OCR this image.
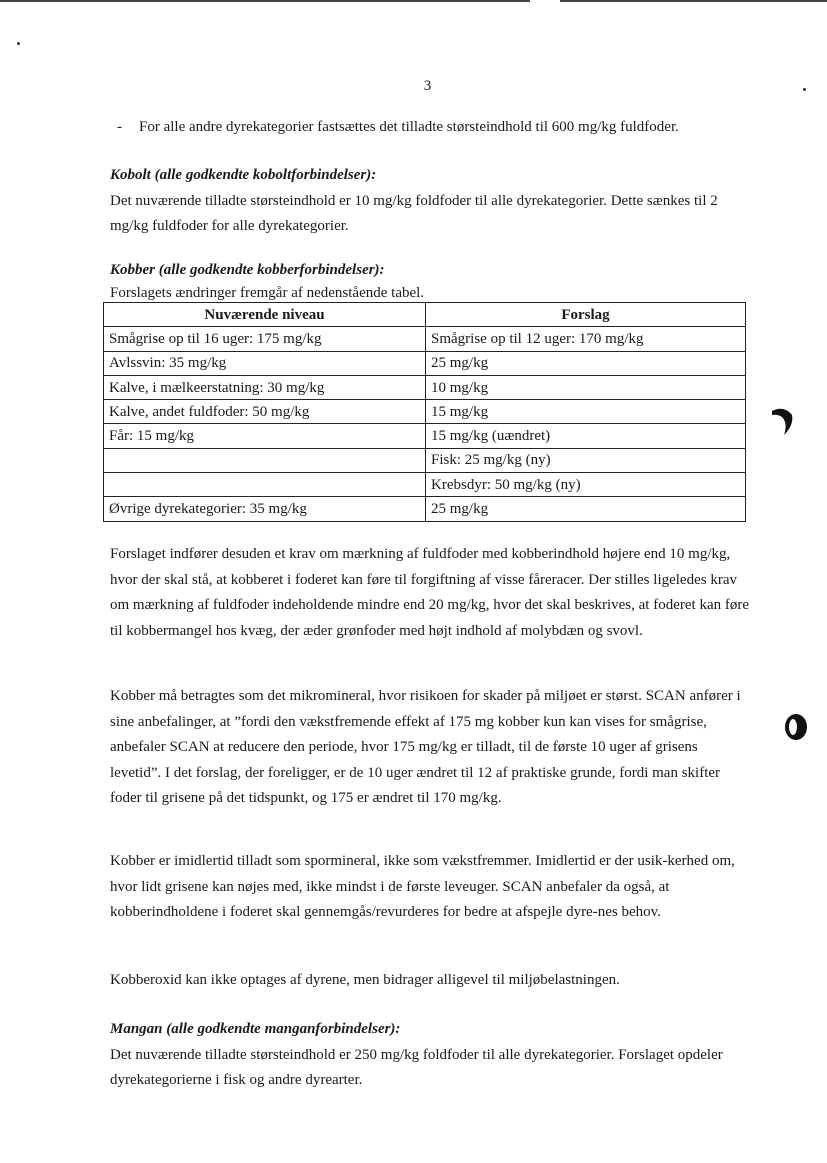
3
- For alle andre dyrekategorier fastsættes det tilladte størsteindhold til 600 mg/kg fuldfoder.
Kobolt (alle godkendte koboltforbindelser):
Det nuværende tilladte størsteindhold er 10 mg/kg foldfoder til alle dyrekategorier. Dette sænkes til 2 mg/kg fuldfoder for alle dyrekategorier.
Kobber (alle godkendte kobberforbindelser):
Forslagets ændringer fremgår af nedenstående tabel.
Nuværende niveau	Forslag
Smågrise op til 16 uger: 175 mg/kg	Smågrise op til 12 uger: 170 mg/kg
Avlssvin: 35 mg/kg	25 mg/kg
Kalve, i mælkeerstatning: 30 mg/kg	10 mg/kg
Kalve, andet fuldfoder: 50 mg/kg	15 mg/kg
Får: 15 mg/kg	15 mg/kg (uændret)
	Fisk: 25 mg/kg (ny)
	Krebsdyr: 50 mg/kg (ny)
Øvrige dyrekategorier: 35 mg/kg	25 mg/kg
Forslaget indfører desuden et krav om mærkning af fuldfoder med kobberindhold højere end 10 mg/kg, hvor der skal stå, at kobberet i foderet kan føre til forgiftning af visse fåreracer. Der stilles ligeledes krav om mærkning af fuldfoder indeholdende mindre end 20 mg/kg, hvor det skal beskrives, at foderet kan føre til kobbermangel hos kvæg, der æder grønfoder med højt indhold af molybdæn og svovl.
Kobber må betragtes som det mikromineral, hvor risikoen for skader på miljøet er størst. SCAN anfører i sine anbefalinger, at ”fordi den vækstfremende effekt af 175 mg kobber kun kan vises for smågrise, anbefaler SCAN at reducere den periode, hvor 175 mg/kg er tilladt, til de første 10 uger af grisens levetid”. I det forslag, der foreligger, er de 10 uger ændret til 12 af praktiske grunde, fordi man skifter foder til grisene på det tidspunkt, og 175 er ændret til 170 mg/kg.
Kobber er imidlertid tilladt som spormineral, ikke som vækstfremmer. Imidlertid er der usik-kerhed om, hvor lidt grisene kan nøjes med, ikke mindst i de første leveuger. SCAN anbefaler da også, at kobberindholdene i foderet skal gennemgås/revurderes for bedre at afspejle dyre-nes behov.
Kobberoxid kan ikke optages af dyrene, men bidrager alligevel til miljøbelastningen.
Mangan (alle godkendte manganforbindelser):
Det nuværende tilladte størsteindhold er 250 mg/kg foldfoder til alle dyrekategorier. Forslaget opdeler dyrekategorierne i fisk og andre dyrearter.
